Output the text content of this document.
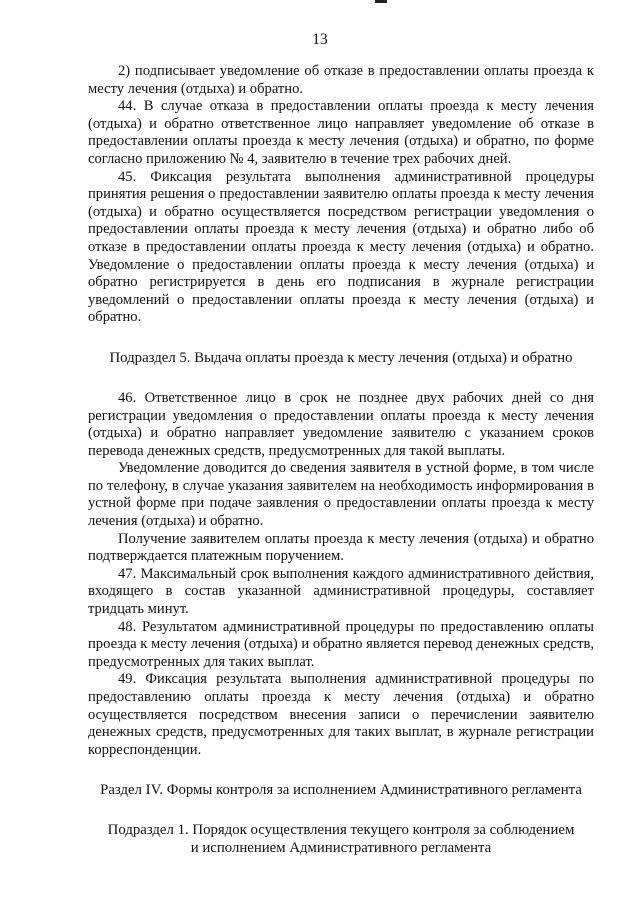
13

2) подписывает уведомление об отказе в предоставлении оплаты проезда к месту лечения (отдыха) и обратно.

44. В случае отказа в предоставлении оплаты проезда к месту лечения (отдыха) и обратно ответственное лицо направляет уведомление об отказе в предоставлении оплаты проезда к месту лечения (отдыха) и обратно, по форме согласно приложению № 4, заявителю в течение трех рабочих дней.

45. Фиксация результата выполнения административной процедуры принятия решения о предоставлении заявителю оплаты проезда к месту лечения (отдыха) и обратно осуществляется посредством регистрации уведомления о предоставлении оплаты проезда к месту лечения (отдыха) и обратно либо об отказе в предоставлении оплаты проезда к месту лечения (отдыха) и обратно. Уведомление о предоставлении оплаты проезда к месту лечения (отдыха) и обратно регистрируется в день его подписания в журнале регистрации уведомлений о предоставлении оплаты проезда к месту лечения (отдыха) и обратно.

Подраздел 5. Выдача оплаты проезда к месту лечения (отдыха) и обратно

46. Ответственное лицо в срок не позднее двух рабочих дней со дня регистрации уведомления о предоставлении оплаты проезда к месту лечения (отдыха) и обратно направляет уведомление заявителю с указанием сроков перевода денежных средств, предусмотренных для такой выплаты.

Уведомление доводится до сведения заявителя в устной форме, в том числе по телефону, в случае указания заявителем на необходимость информирования в устной форме при подаче заявления о предоставлении оплаты проезда к месту лечения (отдыха) и обратно.

Получение заявителем оплаты проезда к месту лечения (отдыха) и обратно подтверждается платежным поручением.

47. Максимальный срок выполнения каждого административного действия, входящего в состав указанной административной процедуры, составляет тридцать минут.

48. Результатом административной процедуры по предоставлению оплаты проезда к месту лечения (отдыха) и обратно является перевод денежных средств, предусмотренных для таких выплат.

49. Фиксация результата выполнения административной процедуры по предоставлению оплаты проезда к месту лечения (отдыха) и обратно осуществляется посредством внесения записи о перечислении заявителю денежных средств, предусмотренных для таких выплат, в журнале регистрации корреспонденции.

Раздел IV. Формы контроля за исполнением Административного регламента

Подраздел 1. Порядок осуществления текущего контроля за соблюдением
и исполнением Административного регламента
